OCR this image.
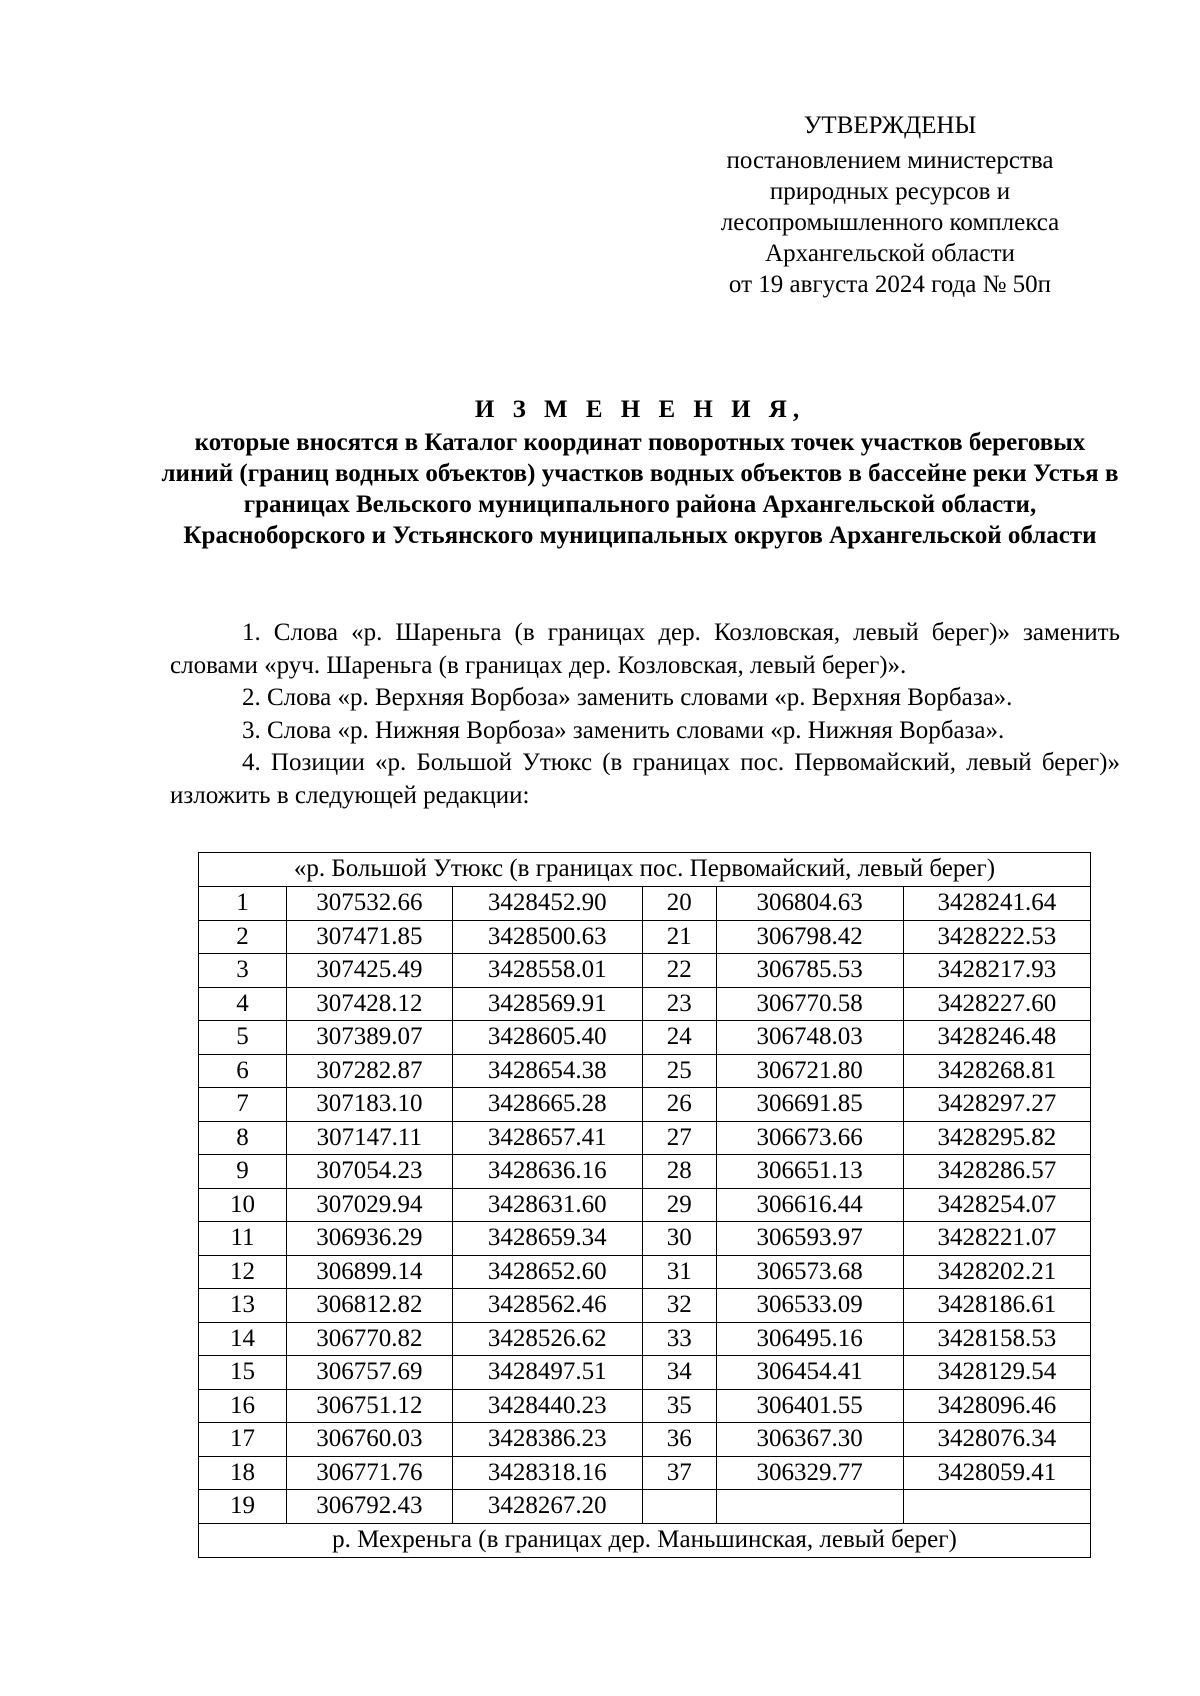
УТВЕРЖДЕНЫ
постановлением министерства
природных ресурсов и
лесопромышленного комплекса
Архангельской области
от 19 августа 2024 года № 50п
И З М Е Н Е Н И Я,
которые вносятся в Каталог координат поворотных точек участков береговых линий (границ водных объектов) участков водных объектов в бассейне реки Устья в границах Вельского муниципального района Архангельской области, Красноборского и Устьянского муниципальных округов Архангельской области

1. Слова «р. Шареньга (в границах дер. Козловская, левый берег)» заменить словами «руч. Шареньга (в границах дер. Козловская, левый берег)».

2. Слова «р. Верхняя Ворбоза» заменить словами «р. Верхняя Ворбаза».

3. Слова «р. Нижняя Ворбоза» заменить словами «р. Нижняя Ворбаза».

4. Позиции «р. Большой Утюкс (в границах пос. Первомайский, левый берег)» изложить в следующей редакции:

«р. Большой Утюкс (в границах пос. Первомайский, левый берег)					
1	307532.66	3428452.90	20	306804.63	3428241.64
2	307471.85	3428500.63	21	306798.42	3428222.53
3	307425.49	3428558.01	22	306785.53	3428217.93
4	307428.12	3428569.91	23	306770.58	3428227.60
5	307389.07	3428605.40	24	306748.03	3428246.48
6	307282.87	3428654.38	25	306721.80	3428268.81
7	307183.10	3428665.28	26	306691.85	3428297.27
8	307147.11	3428657.41	27	306673.66	3428295.82
9	307054.23	3428636.16	28	306651.13	3428286.57
10	307029.94	3428631.60	29	306616.44	3428254.07
11	306936.29	3428659.34	30	306593.97	3428221.07
12	306899.14	3428652.60	31	306573.68	3428202.21
13	306812.82	3428562.46	32	306533.09	3428186.61
14	306770.82	3428526.62	33	306495.16	3428158.53
15	306757.69	3428497.51	34	306454.41	3428129.54
16	306751.12	3428440.23	35	306401.55	3428096.46
17	306760.03	3428386.23	36	306367.30	3428076.34
18	306771.76	3428318.16	37	306329.77	3428059.41
19	306792.43	3428267.20			
р. Мехреньга (в границах дер. Маньшинская, левый берег)					
